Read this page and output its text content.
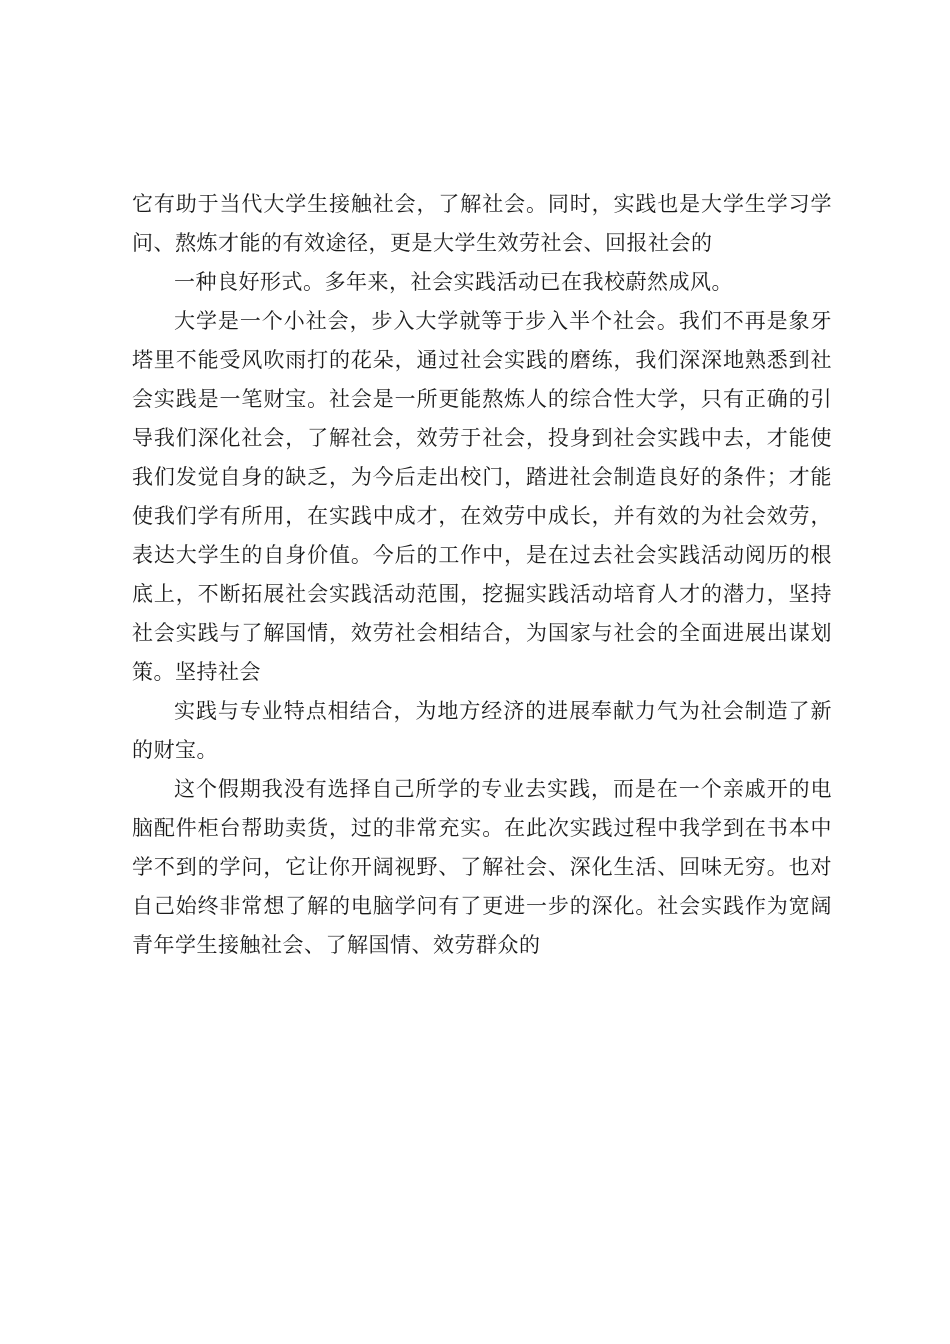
它有助于当代大学生接触社会，了解社会。同时，实践也是大学生学习学问、熬炼才能的有效途径，更是大学生效劳社会、回报社会的

一种良好形式。多年来，社会实践活动已在我校蔚然成风。

大学是一个小社会，步入大学就等于步入半个社会。我们不再是象牙塔里不能受风吹雨打的花朵，通过社会实践的磨练，我们深深地熟悉到社会实践是一笔财宝。社会是一所更能熬炼人的综合性大学，只有正确的引导我们深化社会，了解社会，效劳于社会，投身到社会实践中去，才能使我们发觉自身的缺乏，为今后走出校门，踏进社会制造良好的条件；才能使我们学有所用，在实践中成才，在效劳中成长，并有效的为社会效劳，表达大学生的自身价值。今后的工作中，是在过去社会实践活动阅历的根底上，不断拓展社会实践活动范围，挖掘实践活动培育人才的潜力，坚持社会实践与了解国情，效劳社会相结合，为国家与社会的全面进展出谋划策。坚持社会

实践与专业特点相结合，为地方经济的进展奉献力气为社会制造了新的财宝。

这个假期我没有选择自己所学的专业去实践，而是在一个亲戚开的电脑配件柜台帮助卖货，过的非常充实。在此次实践过程中我学到在书本中学不到的学问，它让你开阔视野、了解社会、深化生活、回味无穷。也对自己始终非常想了解的电脑学问有了更进一步的深化。社会实践作为宽阔青年学生接触社会、了解国情、效劳群众的
